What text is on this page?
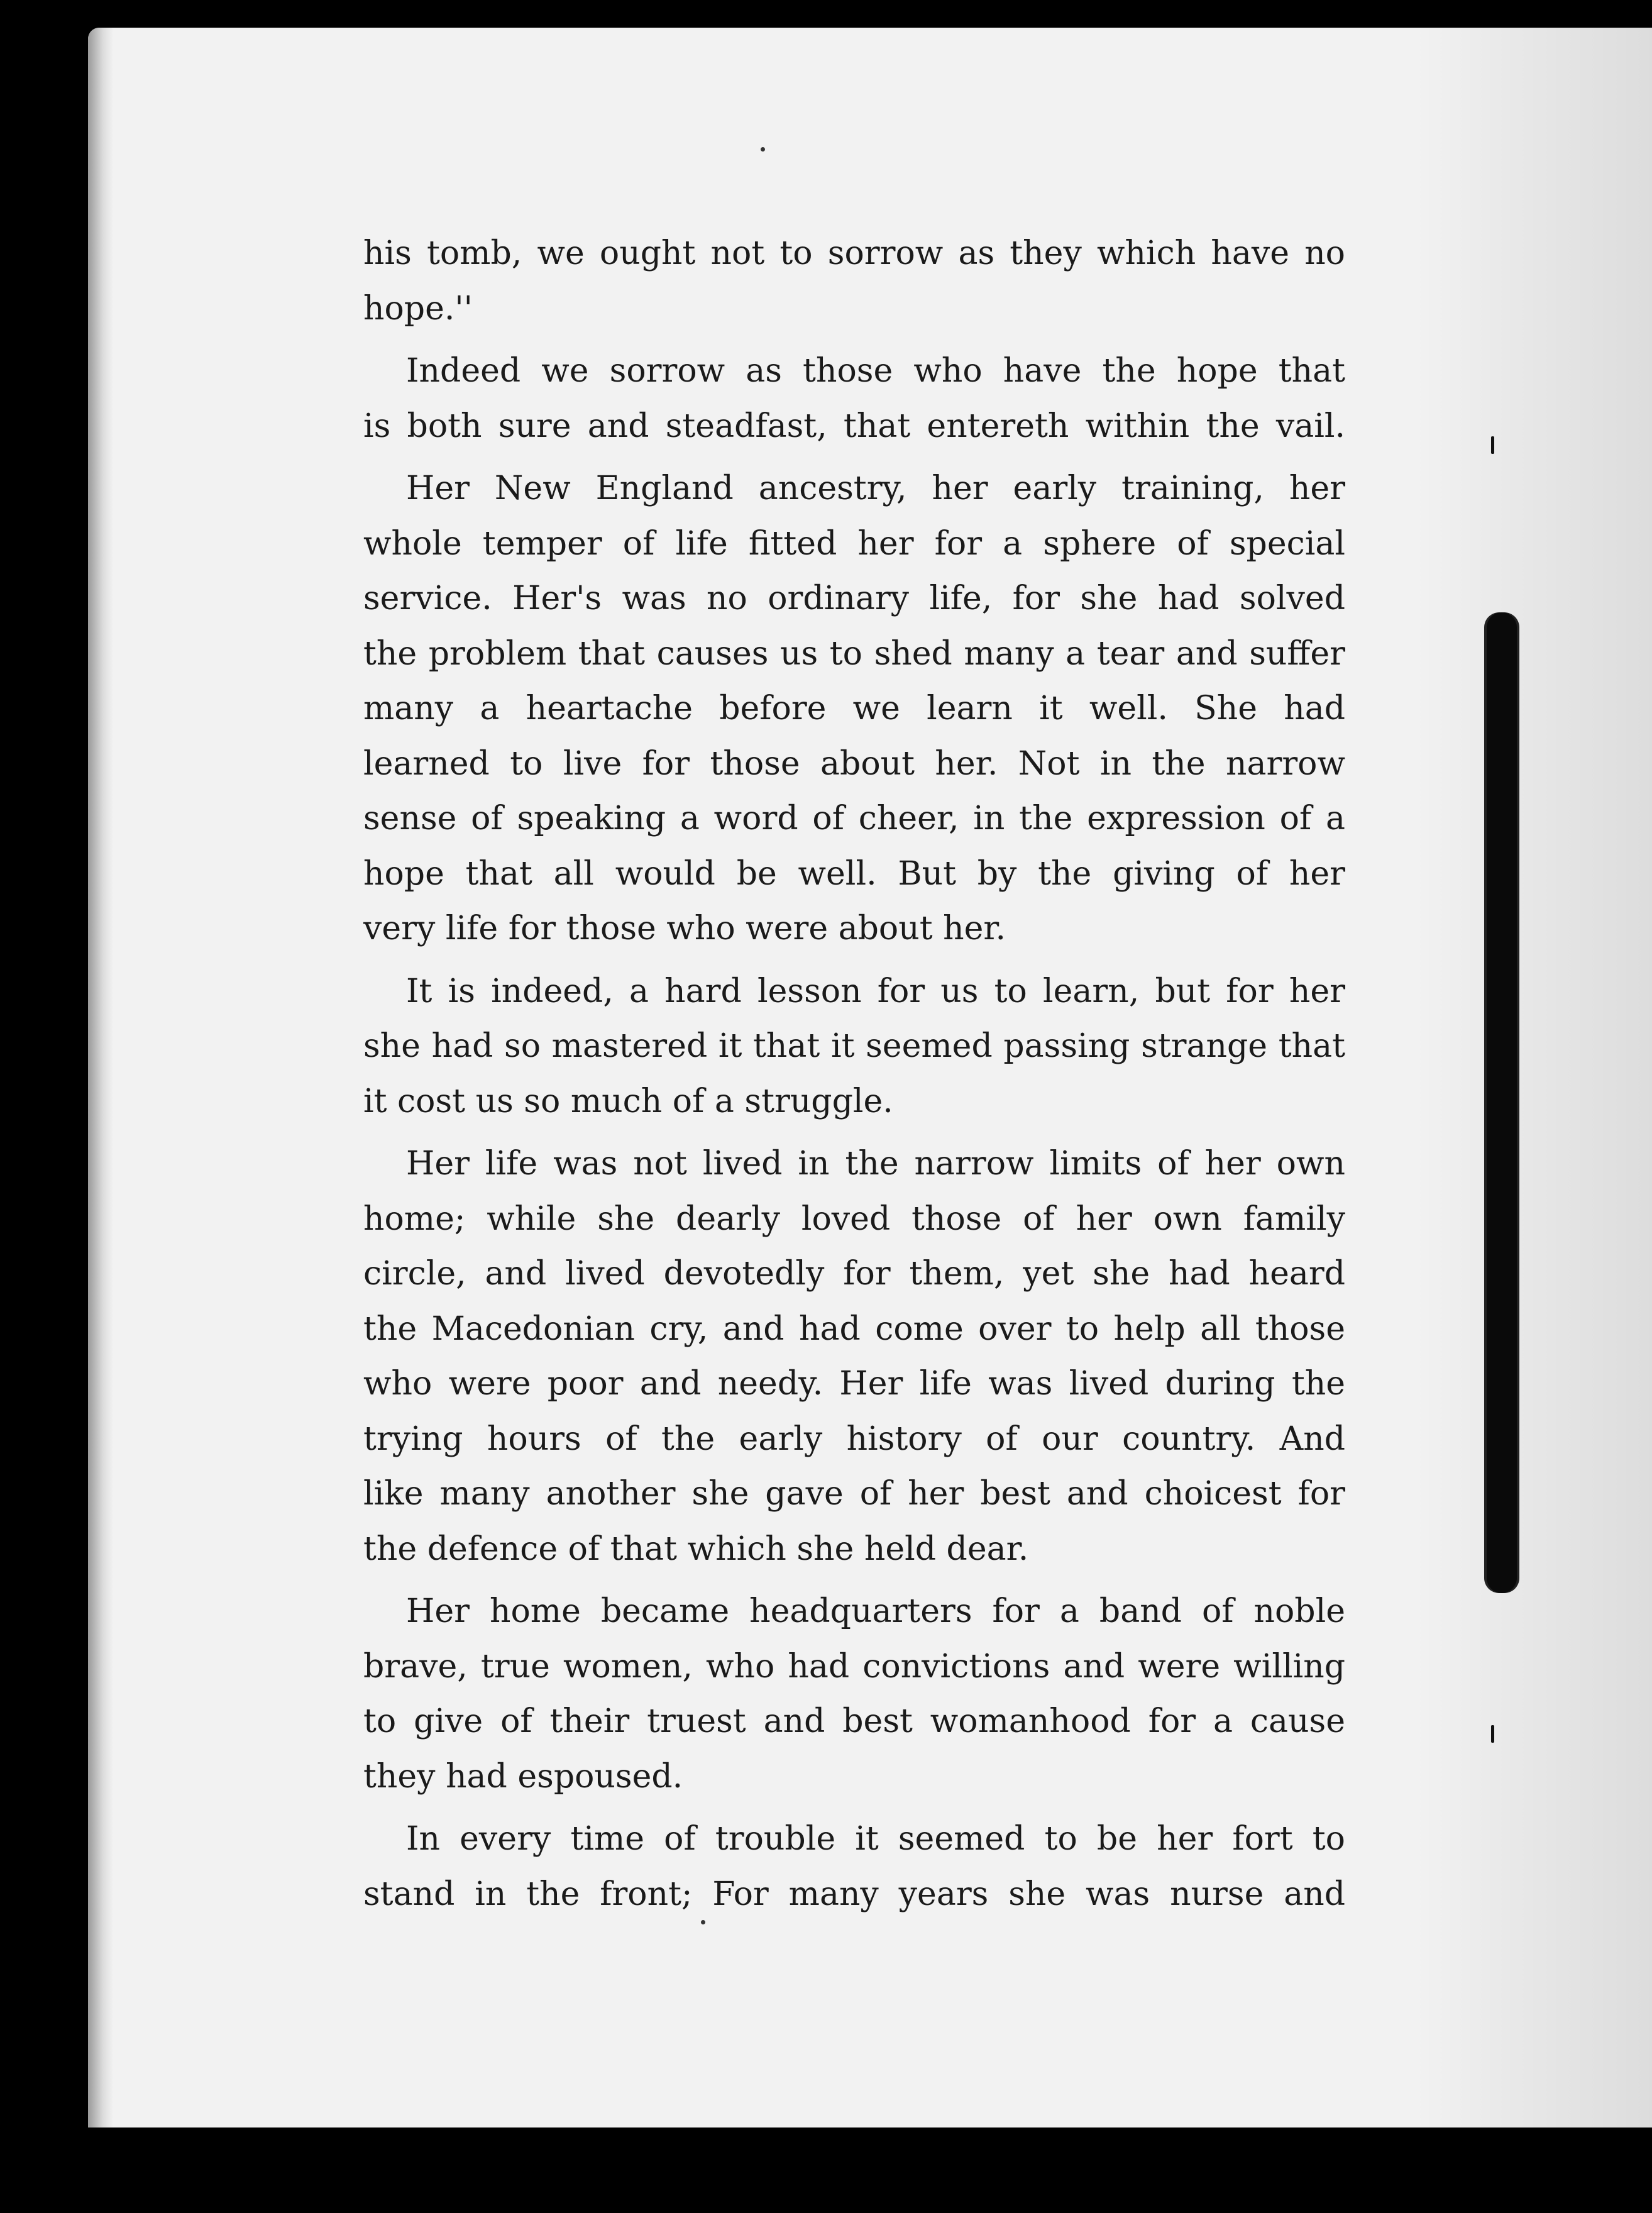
his tomb, we ought not to sorrow as they which have no
hope.''
Indeed we sorrow as those who have the hope that
is both sure and steadfast, that entereth within the vail.
Her New England ancestry, her early training, her
whole temper of life fitted her for a sphere of special
service. Her's was no ordinary life, for she had solved
the problem that causes us to shed many a tear and suffer
many a heartache before we learn it well. She had
learned to live for those about her. Not in the narrow
sense of speaking a word of cheer, in the expression of a
hope that all would be well. But by the giving of her
very life for those who were about her.
It is indeed, a hard lesson for us to learn, but for her
she had so mastered it that it seemed passing strange that
it cost us so much of a struggle.
Her life was not lived in the narrow limits of her own
home; while she dearly loved those of her own family
circle, and lived devotedly for them, yet she had heard
the Macedonian cry, and had come over to help all those
who were poor and needy. Her life was lived during the
trying hours of the early history of our country. And
like many another she gave of her best and choicest for
the defence of that which she held dear.
Her home became headquarters for a band of noble
brave, true women, who had convictions and were willing
to give of their truest and best womanhood for a cause
they had espoused.
In every time of trouble it seemed to be her fort to
stand in the front; For many years she was nurse and
